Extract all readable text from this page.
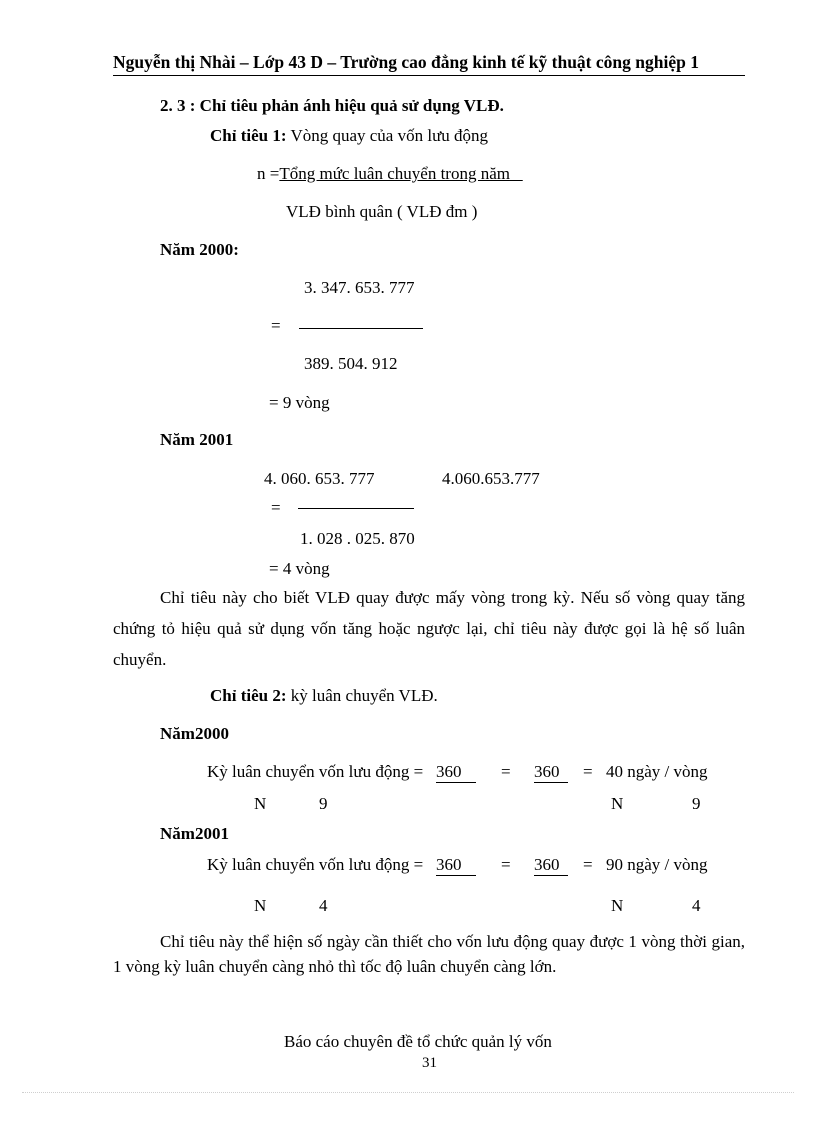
Nguyễn thị Nhài – Lớp 43 D – Trường cao đẳng kinh tế kỹ thuật công nghiệp 1
2. 3 : Chỉ tiêu phản ánh hiệu quả sử dụng VLĐ.
Chỉ tiêu 1: Vòng quay của vốn lưu động
n =Tổng mức luân chuyển trong năm
VLĐ bình quân ( VLĐ đm )
Năm 2000:
3. 347. 653. 777
=
389. 504. 912
= 9 vòng
Năm 2001
4. 060. 653. 777	4.060.653.777
=
1. 028 . 025. 870
= 4 vòng
Chỉ tiêu này cho biết VLĐ quay được mấy vòng trong kỳ. Nếu số vòng quay tăng chứng tỏ hiệu quả sử dụng vốn tăng hoặc ngược lại, chỉ tiêu này được gọi là hệ số luân chuyển.
Chỉ tiêu 2: kỳ luân chuyển VLĐ.
Năm2000
Kỳ luân chuyển vốn lưu động = 360	= 360	= 40 ngày / vòng
N	9	N	9
Năm2001
Kỳ luân chuyển vốn lưu động = 360	= 360	= 90 ngày / vòng
N	4	N	4
Chỉ tiêu này thể hiện số ngày cần thiết cho vốn lưu động quay được 1 vòng thời gian, 1 vòng kỳ luân chuyển càng nhỏ thì tốc độ luân chuyển càng lớn.
Báo cáo chuyên đề tổ chức quản lý vốn
31
